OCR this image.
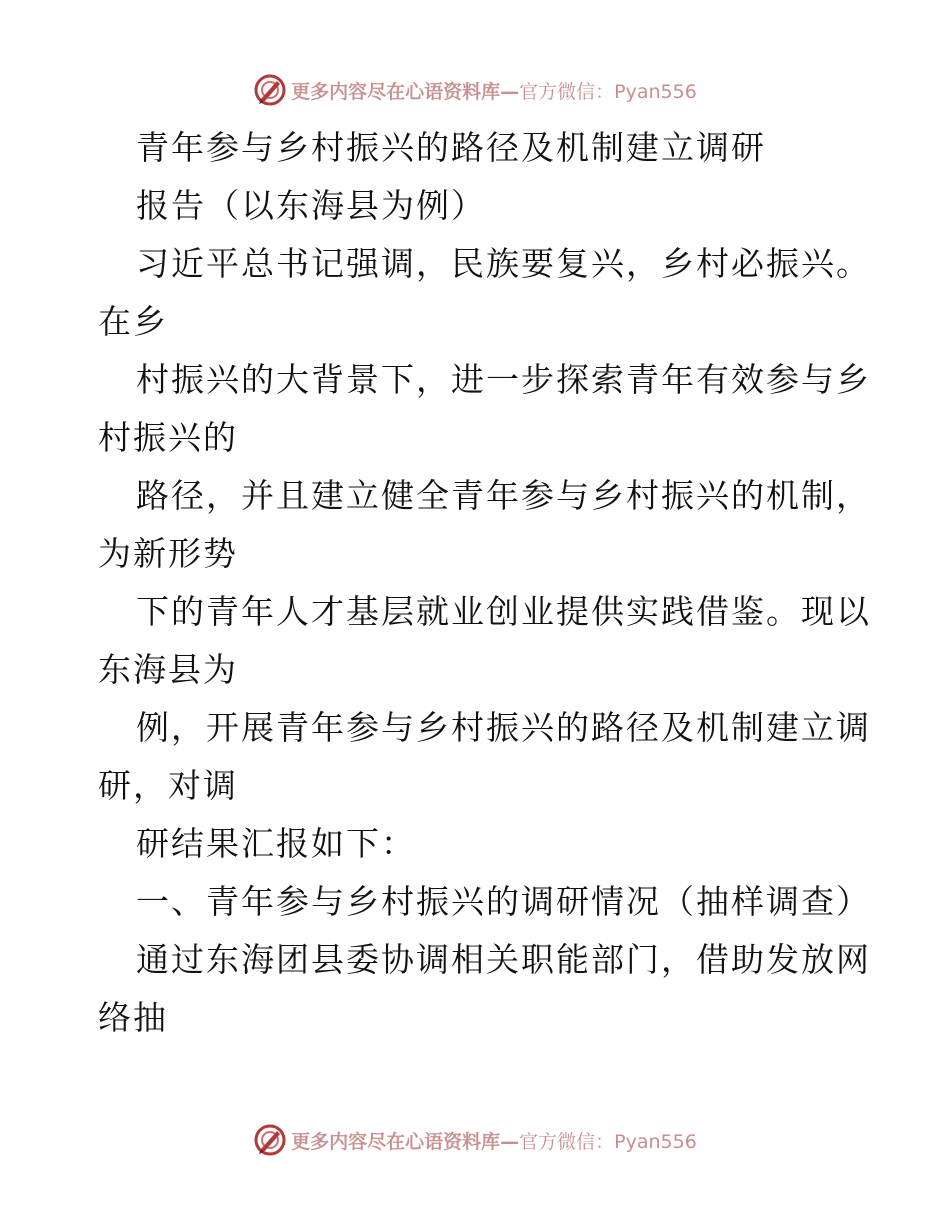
更多内容尽在心语资料库—官方微信：Pyan556
青年参与乡村振兴的路径及机制建立调研
报告（以东海县为例）
习近平总书记强调，民族要复兴，乡村必振兴。
在乡
村振兴的大背景下，进一步探索青年有效参与乡
村振兴的
路径，并且建立健全青年参与乡村振兴的机制，
为新形势
下的青年人才基层就业创业提供实践借鉴。现以
东海县为
例，开展青年参与乡村振兴的路径及机制建立调
研，对调
研结果汇报如下：
一、青年参与乡村振兴的调研情况（抽样调查）
通过东海团县委协调相关职能部门，借助发放网
络抽
更多内容尽在心语资料库—官方微信：Pyan556
